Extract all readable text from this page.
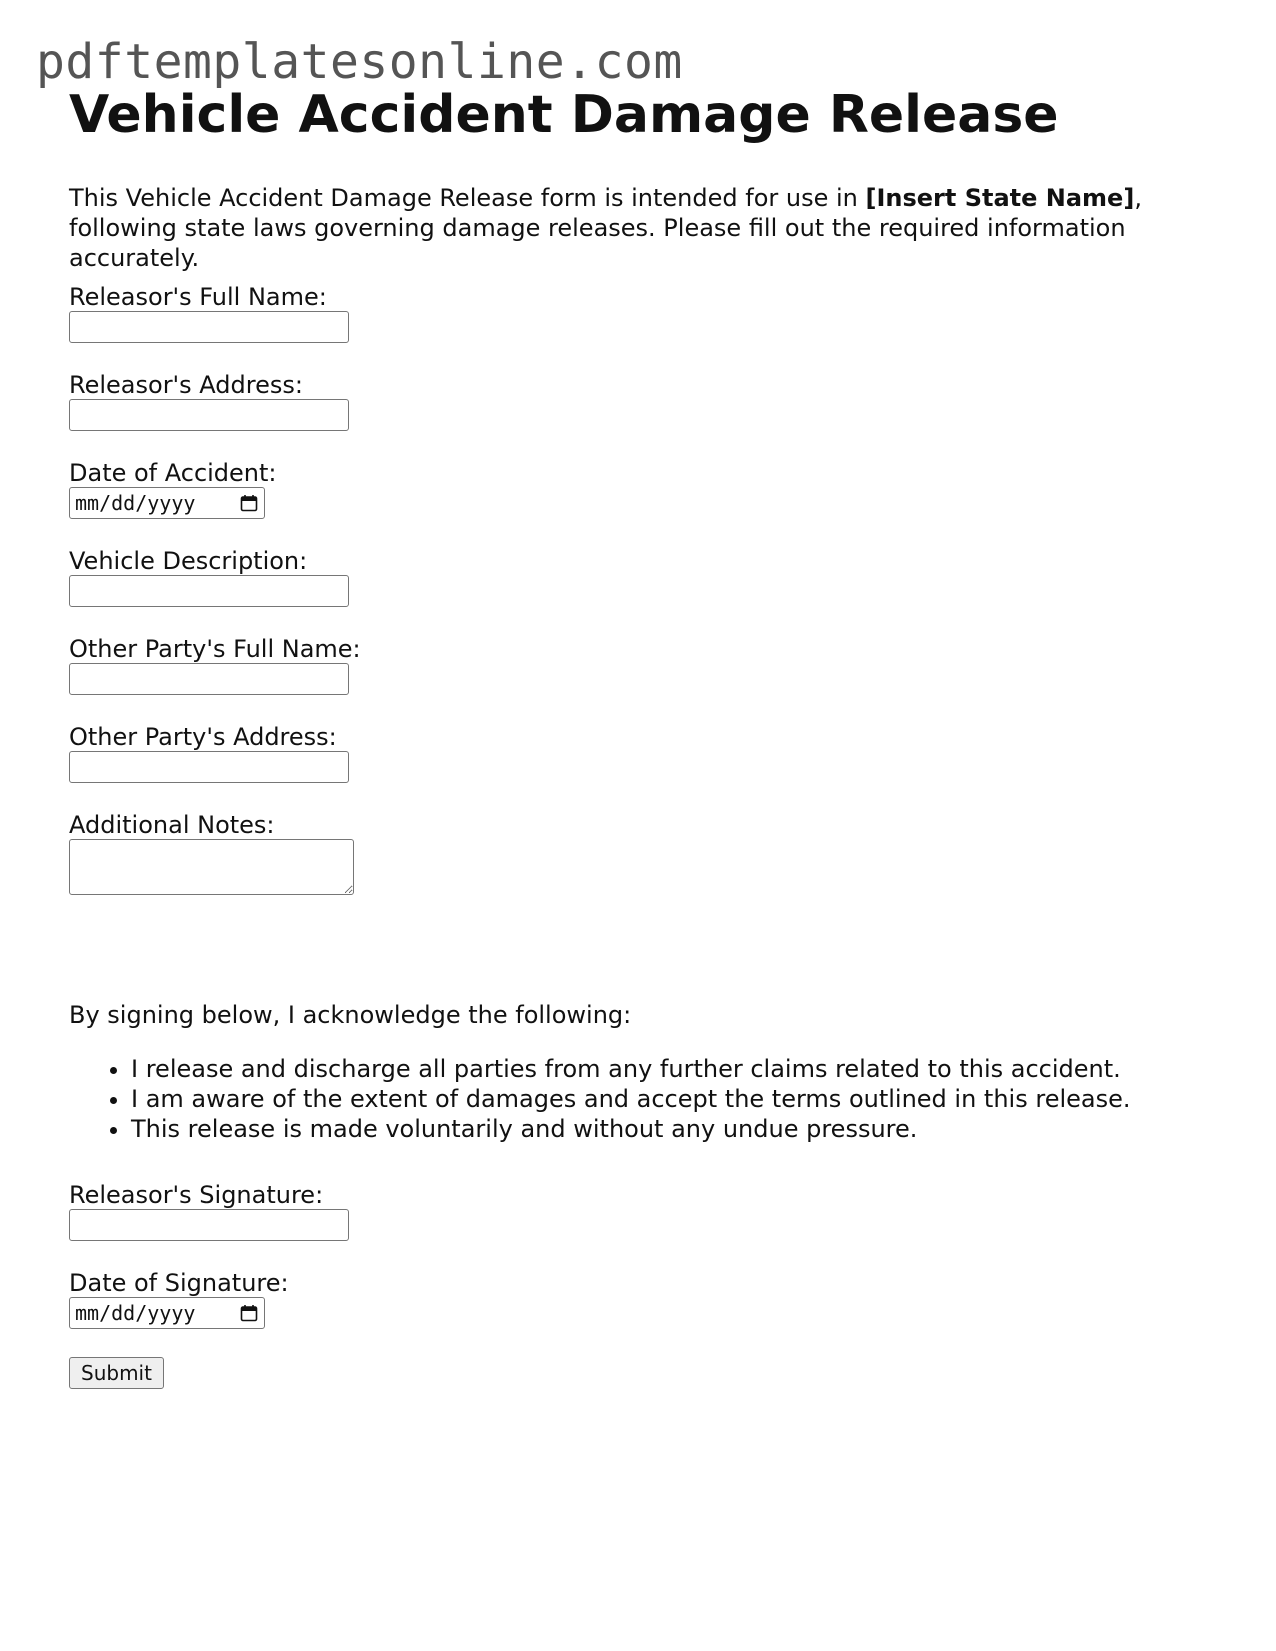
pdftemplatesonline.com
Vehicle Accident Damage Release

This Vehicle Accident Damage Release form is intended for use in [Insert State Name], following state laws governing damage releases. Please fill out the required information accurately.

Releasor's Full Name:
Releasor's Address:
Date of Accident:
mm/dd/yyyy
Vehicle Description:
Other Party's Full Name:
Other Party's Address:
Additional Notes:

By signing below, I acknowledge the following:

• I release and discharge all parties from any further claims related to this accident.
• I am aware of the extent of damages and accept the terms outlined in this release.
• This release is made voluntarily and without any undue pressure.
Releasor's Signature:
Date of Signature:
mm/dd/yyyy
Submit
